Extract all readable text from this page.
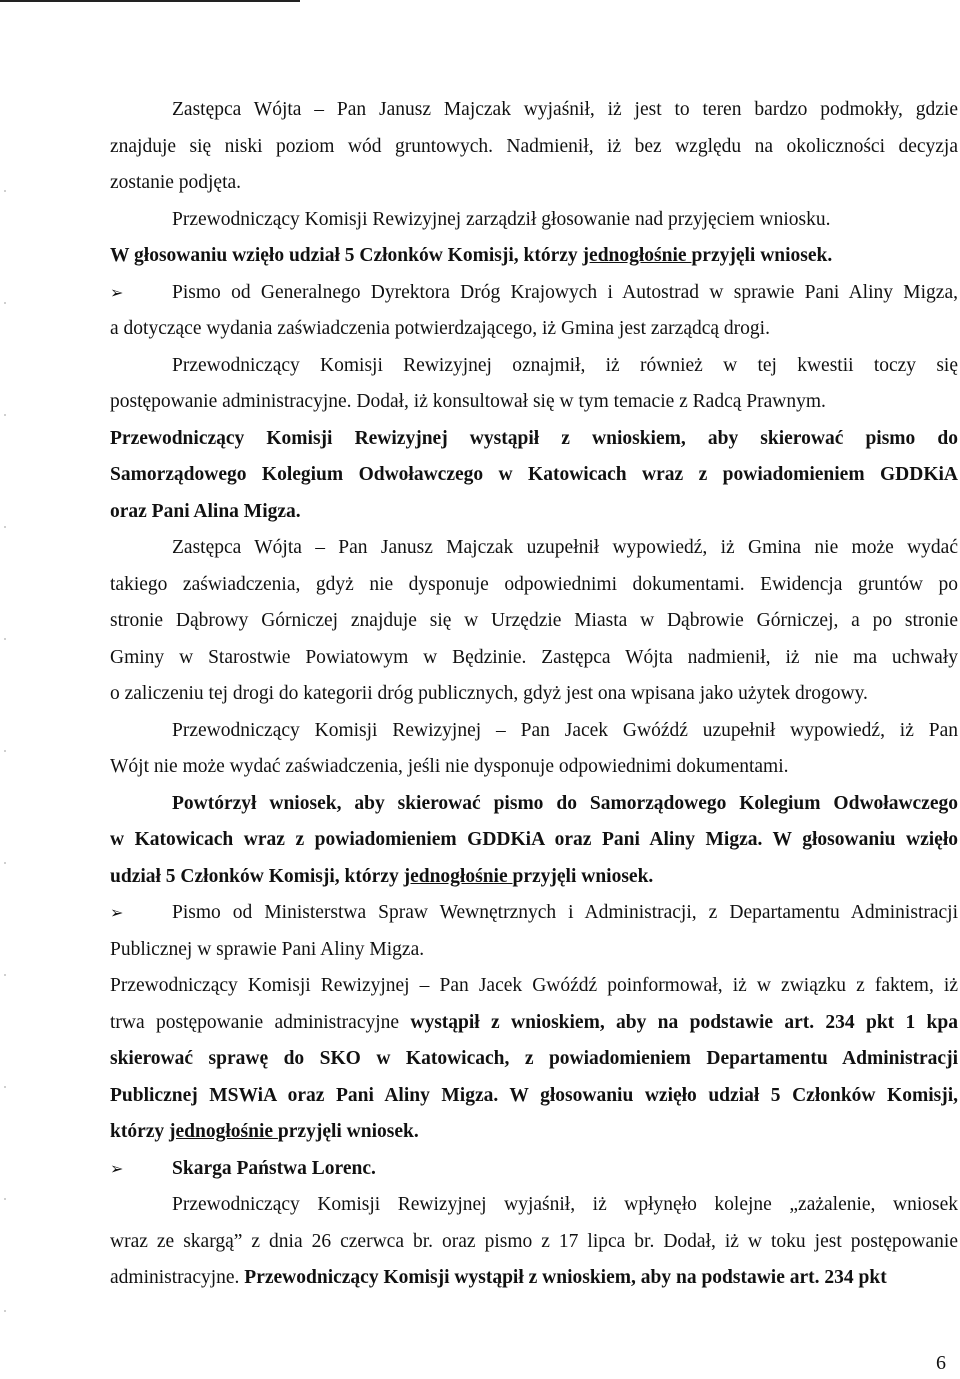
Zastępca Wójta – Pan Janusz Majczak wyjaśnił, iż jest to teren bardzo podmokły, gdzie
znajduje się niski poziom wód gruntowych. Nadmienił, iż bez względu na okoliczności decyzja
zostanie podjęta.
Przewodniczący Komisji Rewizyjnej zarządził głosowanie nad przyjęciem wniosku.
W głosowaniu wzięło udział 5 Członków Komisji, którzy jednogłośnie przyjęli wniosek.
➢ Pismo od Generalnego Dyrektora Dróg Krajowych i Autostrad w sprawie Pani Aliny Migza,
a dotyczące wydania zaświadczenia potwierdzającego, iż Gmina jest zarządcą drogi.
Przewodniczący Komisji Rewizyjnej oznajmił, iż również w tej kwestii toczy się
postępowanie administracyjne. Dodał, iż konsultował się w tym temacie z Radcą Prawnym.
Przewodniczący Komisji Rewizyjnej wystąpił z wnioskiem, aby skierować pismo do
Samorządowego Kolegium Odwoławczego w Katowicach wraz z powiadomieniem GDDKiA
oraz Pani Alina Migza.
Zastępca Wójta – Pan Janusz Majczak uzupełnił wypowiedź, iż Gmina nie może wydać
takiego zaświadczenia, gdyż nie dysponuje odpowiednimi dokumentami. Ewidencja gruntów po
stronie Dąbrowy Górniczej znajduje się w Urzędzie Miasta w Dąbrowie Górniczej, a po stronie
Gminy w Starostwie Powiatowym w Będzinie. Zastępca Wójta nadmienił, iż nie ma uchwały
o zaliczeniu tej drogi do kategorii dróg publicznych, gdyż jest ona wpisana jako użytek drogowy.
Przewodniczący Komisji Rewizyjnej – Pan Jacek Gwóźdź uzupełnił wypowiedź, iż Pan
Wójt nie może wydać zaświadczenia, jeśli nie dysponuje odpowiednimi dokumentami.
Powtórzył wniosek, aby skierować pismo do Samorządowego Kolegium Odwoławczego
w Katowicach wraz z powiadomieniem GDDKiA oraz Pani Aliny Migza. W głosowaniu wzięło
udział 5 Członków Komisji, którzy jednogłośnie przyjęli wniosek.
➢ Pismo od Ministerstwa Spraw Wewnętrznych i Administracji, z Departamentu Administracji
Publicznej w sprawie Pani Aliny Migza.
Przewodniczący Komisji Rewizyjnej – Pan Jacek Gwóźdź poinformował, iż w związku z faktem, iż
trwa postępowanie administracyjne wystąpił z wnioskiem, aby na podstawie art. 234 pkt 1 kpa
skierować sprawę do SKO w Katowicach, z powiadomieniem Departamentu Administracji
Publicznej MSWiA oraz Pani Aliny Migza. W głosowaniu wzięło udział 5 Członków Komisji,
którzy jednogłośnie przyjęli wniosek.
➢ Skarga Państwa Lorenc.
Przewodniczący Komisji Rewizyjnej wyjaśnił, iż wpłynęło kolejne „zażalenie, wniosek
wraz ze skargą” z dnia 26 czerwca br. oraz pismo z 17 lipca br. Dodał, iż w toku jest postępowanie
administracyjne. Przewodniczący Komisji wystąpił z wnioskiem, aby na podstawie art. 234 pkt
6
